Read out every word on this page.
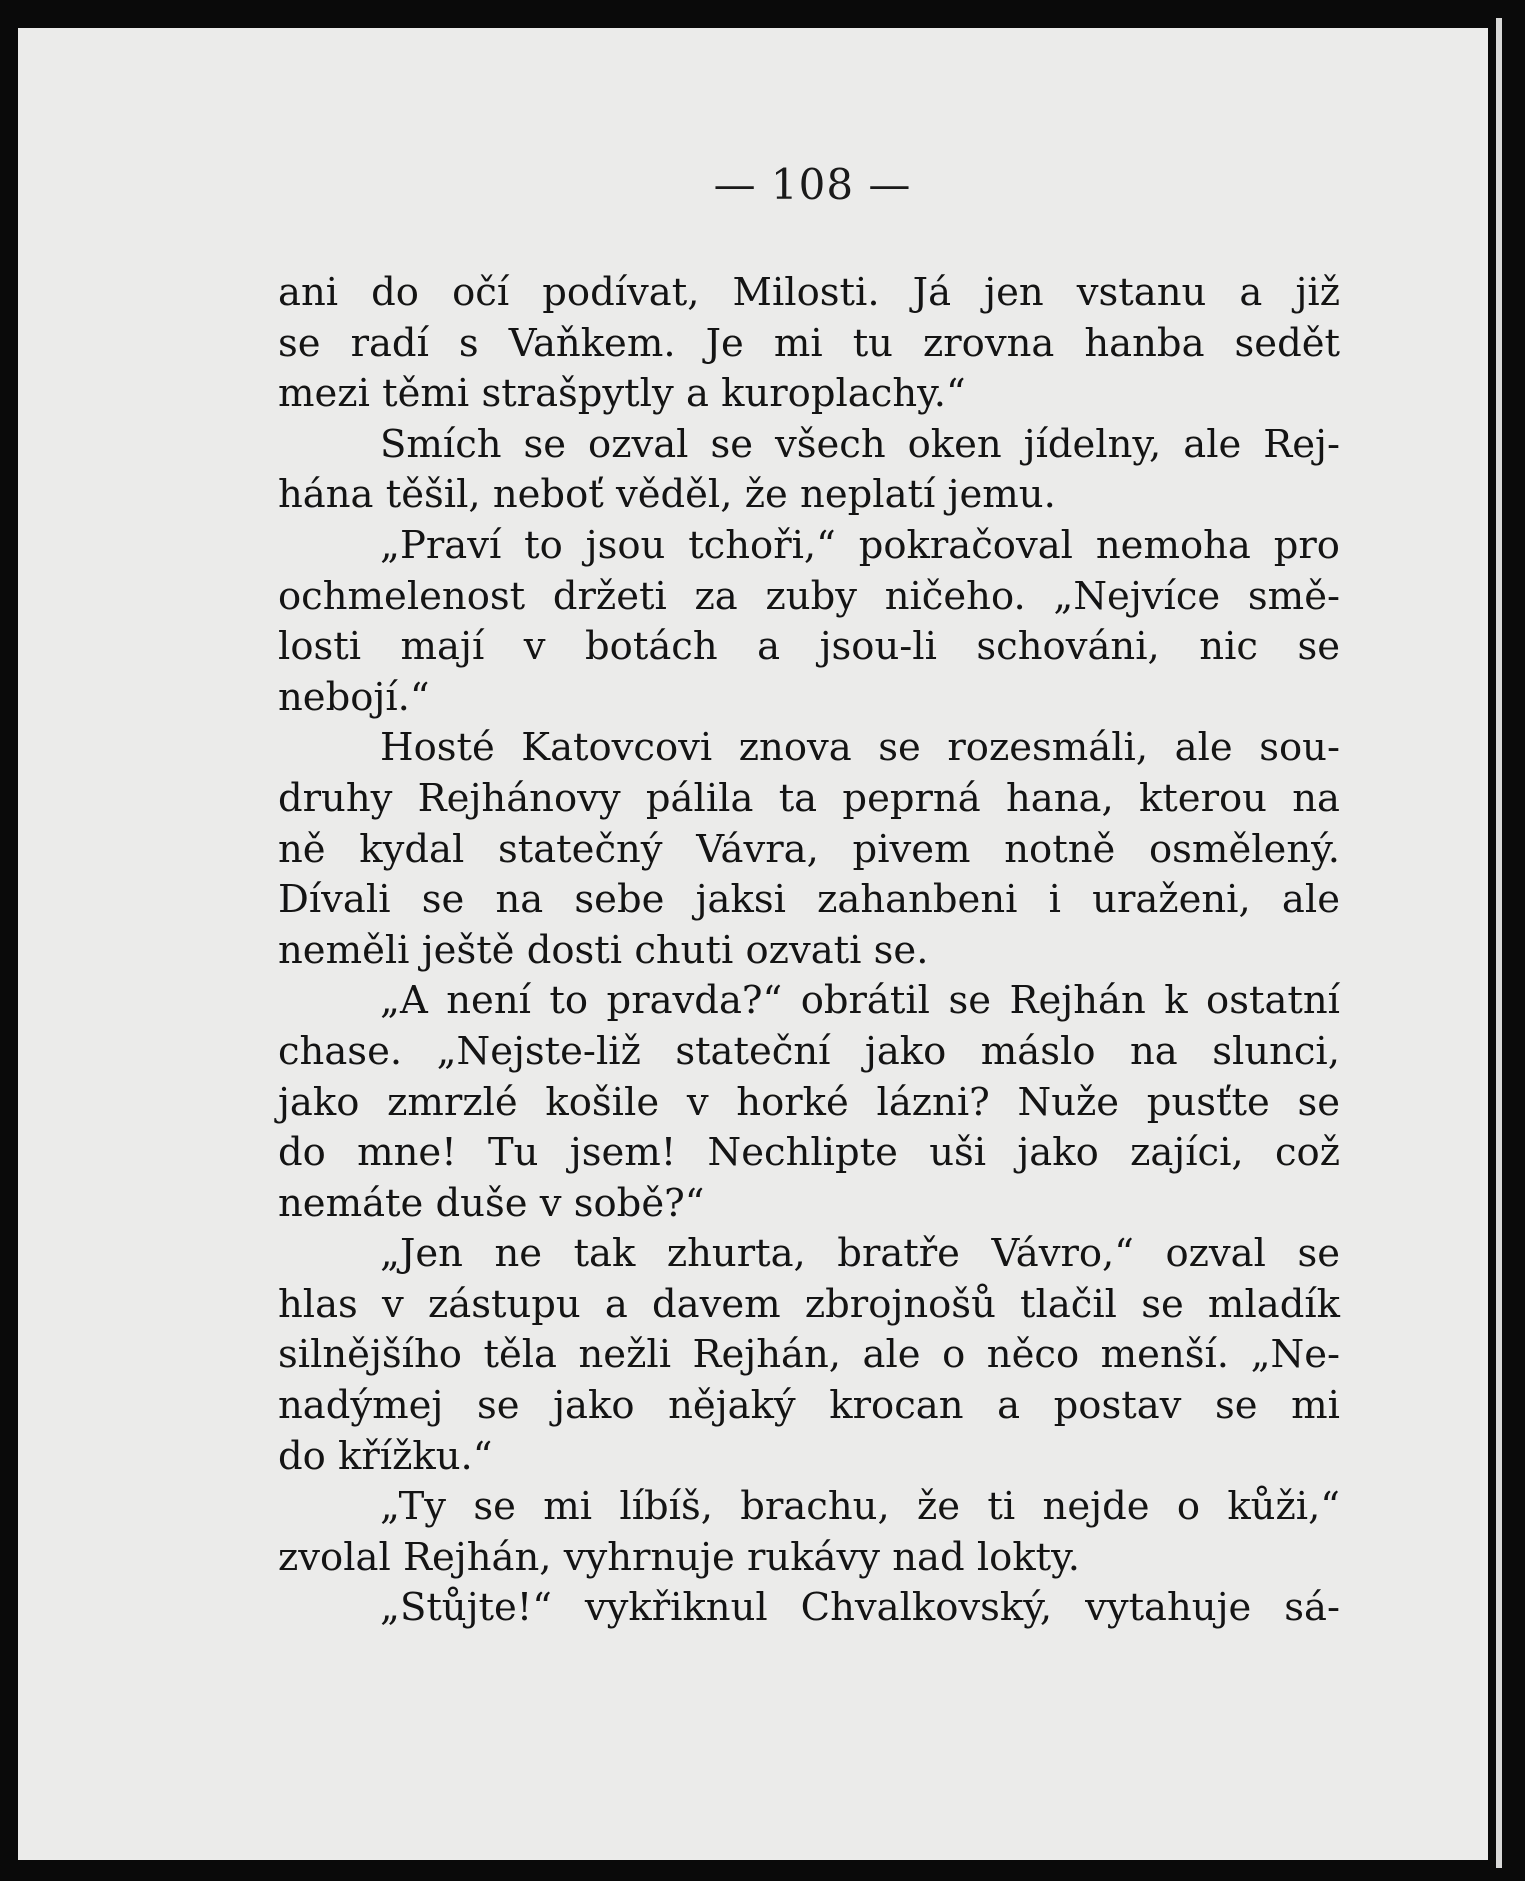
— 108 —
ani do očí podívat, Milosti. Já jen vstanu a již
se radí s Vaňkem. Je mi tu zrovna hanba sedět
mezi těmi strašpytly a kuroplachy.“
Smích se ozval se všech oken jídelny, ale Rej-
hána těšil, neboť věděl, že neplatí jemu.
„Praví to jsou tchoři,“ pokračoval nemoha pro
ochmelenost držeti za zuby ničeho. „Nejvíce smě-
losti mají v botách a jsou-li schováni, nic se
nebojí.“
Hosté Katovcovi znova se rozesmáli, ale sou-
druhy Rejhánovy pálila ta peprná hana, kterou na
ně kydal statečný Vávra, pivem notně osmělený.
Dívali se na sebe jaksi zahanbeni i uraženi, ale
neměli ještě dosti chuti ozvati se.
„A není to pravda?“ obrátil se Rejhán k ostatní
chase. „Nejste-liž stateční jako máslo na slunci,
jako zmrzlé košile v horké lázni? Nuže pusťte se
do mne! Tu jsem! Nechlipte uši jako zajíci, což
nemáte duše v sobě?“
„Jen ne tak zhurta, bratře Vávro,“ ozval se
hlas v zástupu a davem zbrojnošů tlačil se mladík
silnějšího těla nežli Rejhán, ale o něco menší. „Ne-
nadýmej se jako nějaký krocan a postav se mi
do křížku.“
„Ty se mi líbíš, brachu, že ti nejde o kůži,“
zvolal Rejhán, vyhrnuje rukávy nad lokty.
„Stůjte!“ vykřiknul Chvalkovský, vytahuje sá-
